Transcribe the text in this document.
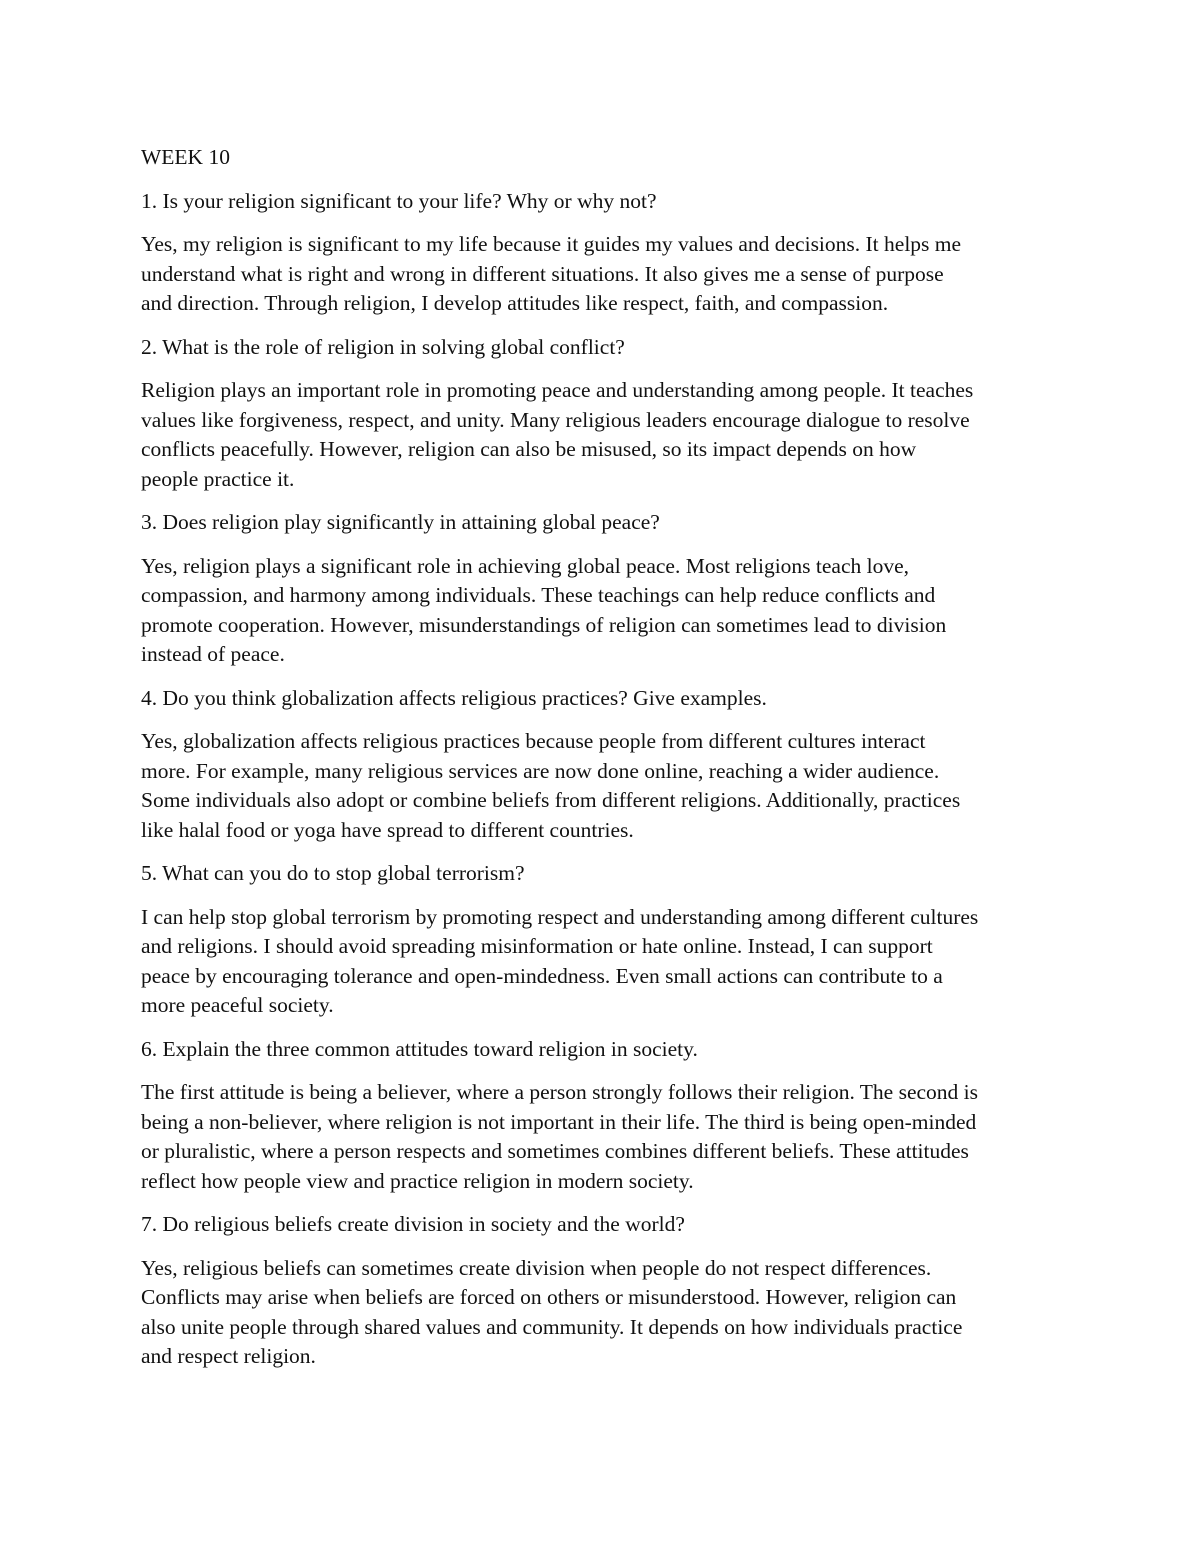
WEEK 10

1. Is your religion significant to your life? Why or why not?

Yes, my religion is significant to my life because it guides my values and decisions. It helps me
understand what is right and wrong in different situations. It also gives me a sense of purpose
and direction. Through religion, I develop attitudes like respect, faith, and compassion.

2. What is the role of religion in solving global conflict?

Religion plays an important role in promoting peace and understanding among people. It teaches
values like forgiveness, respect, and unity. Many religious leaders encourage dialogue to resolve
conflicts peacefully. However, religion can also be misused, so its impact depends on how
people practice it.

3. Does religion play significantly in attaining global peace?

Yes, religion plays a significant role in achieving global peace. Most religions teach love,
compassion, and harmony among individuals. These teachings can help reduce conflicts and
promote cooperation. However, misunderstandings of religion can sometimes lead to division
instead of peace.

4. Do you think globalization affects religious practices? Give examples.

Yes, globalization affects religious practices because people from different cultures interact
more. For example, many religious services are now done online, reaching a wider audience.
Some individuals also adopt or combine beliefs from different religions. Additionally, practices
like halal food or yoga have spread to different countries.

5. What can you do to stop global terrorism?

I can help stop global terrorism by promoting respect and understanding among different cultures
and religions. I should avoid spreading misinformation or hate online. Instead, I can support
peace by encouraging tolerance and open-mindedness. Even small actions can contribute to a
more peaceful society.

6. Explain the three common attitudes toward religion in society.

The first attitude is being a believer, where a person strongly follows their religion. The second is
being a non-believer, where religion is not important in their life. The third is being open-minded
or pluralistic, where a person respects and sometimes combines different beliefs. These attitudes
reflect how people view and practice religion in modern society.

7. Do religious beliefs create division in society and the world?

Yes, religious beliefs can sometimes create division when people do not respect differences.
Conflicts may arise when beliefs are forced on others or misunderstood. However, religion can
also unite people through shared values and community. It depends on how individuals practice
and respect religion.
